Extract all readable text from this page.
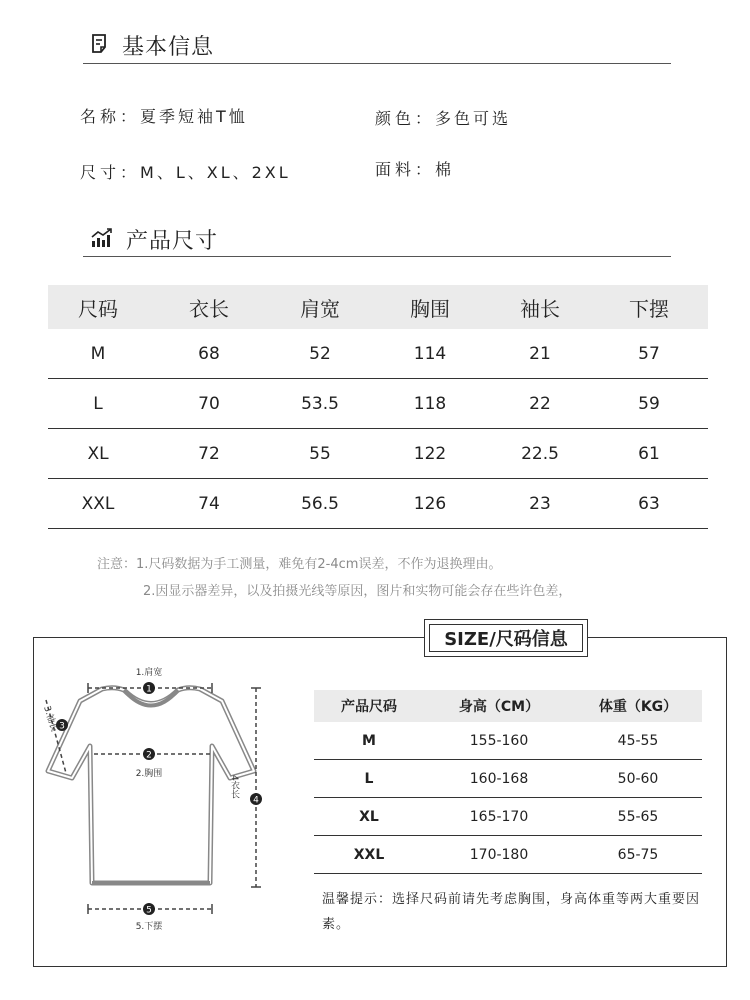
基本信息
名称：夏季短袖T恤	颜色：多色可选
尺寸：M、L、XL、2XL	面料：棉
产品尺寸
尺码	衣长	肩宽	胸围	袖长	下摆
M	68	52	114	21	57
L	70	53.5	118	22	59
XL	72	55	122	22.5	61
XXL	74	56.5	126	23	63
注意：1.尺码数据为手工测量，难免有2-4cm误差，不作为退换理由。
2.因显示器差异，以及拍摄光线等原因，图片和实物可能会存在些许色差，
SIZE/尺码信息
1
1.肩宽
3
3.袖长
2
2.胸围
4
4衣长
5
5.下摆
产品尺码	身高（CM）	体重（KG）
M	155-160	45-55
L	160-168	50-60
XL	165-170	55-65
XXL	170-180	65-75
温馨提示：选择尺码前请先考虑胸围，身高体重等两大重要因素。
